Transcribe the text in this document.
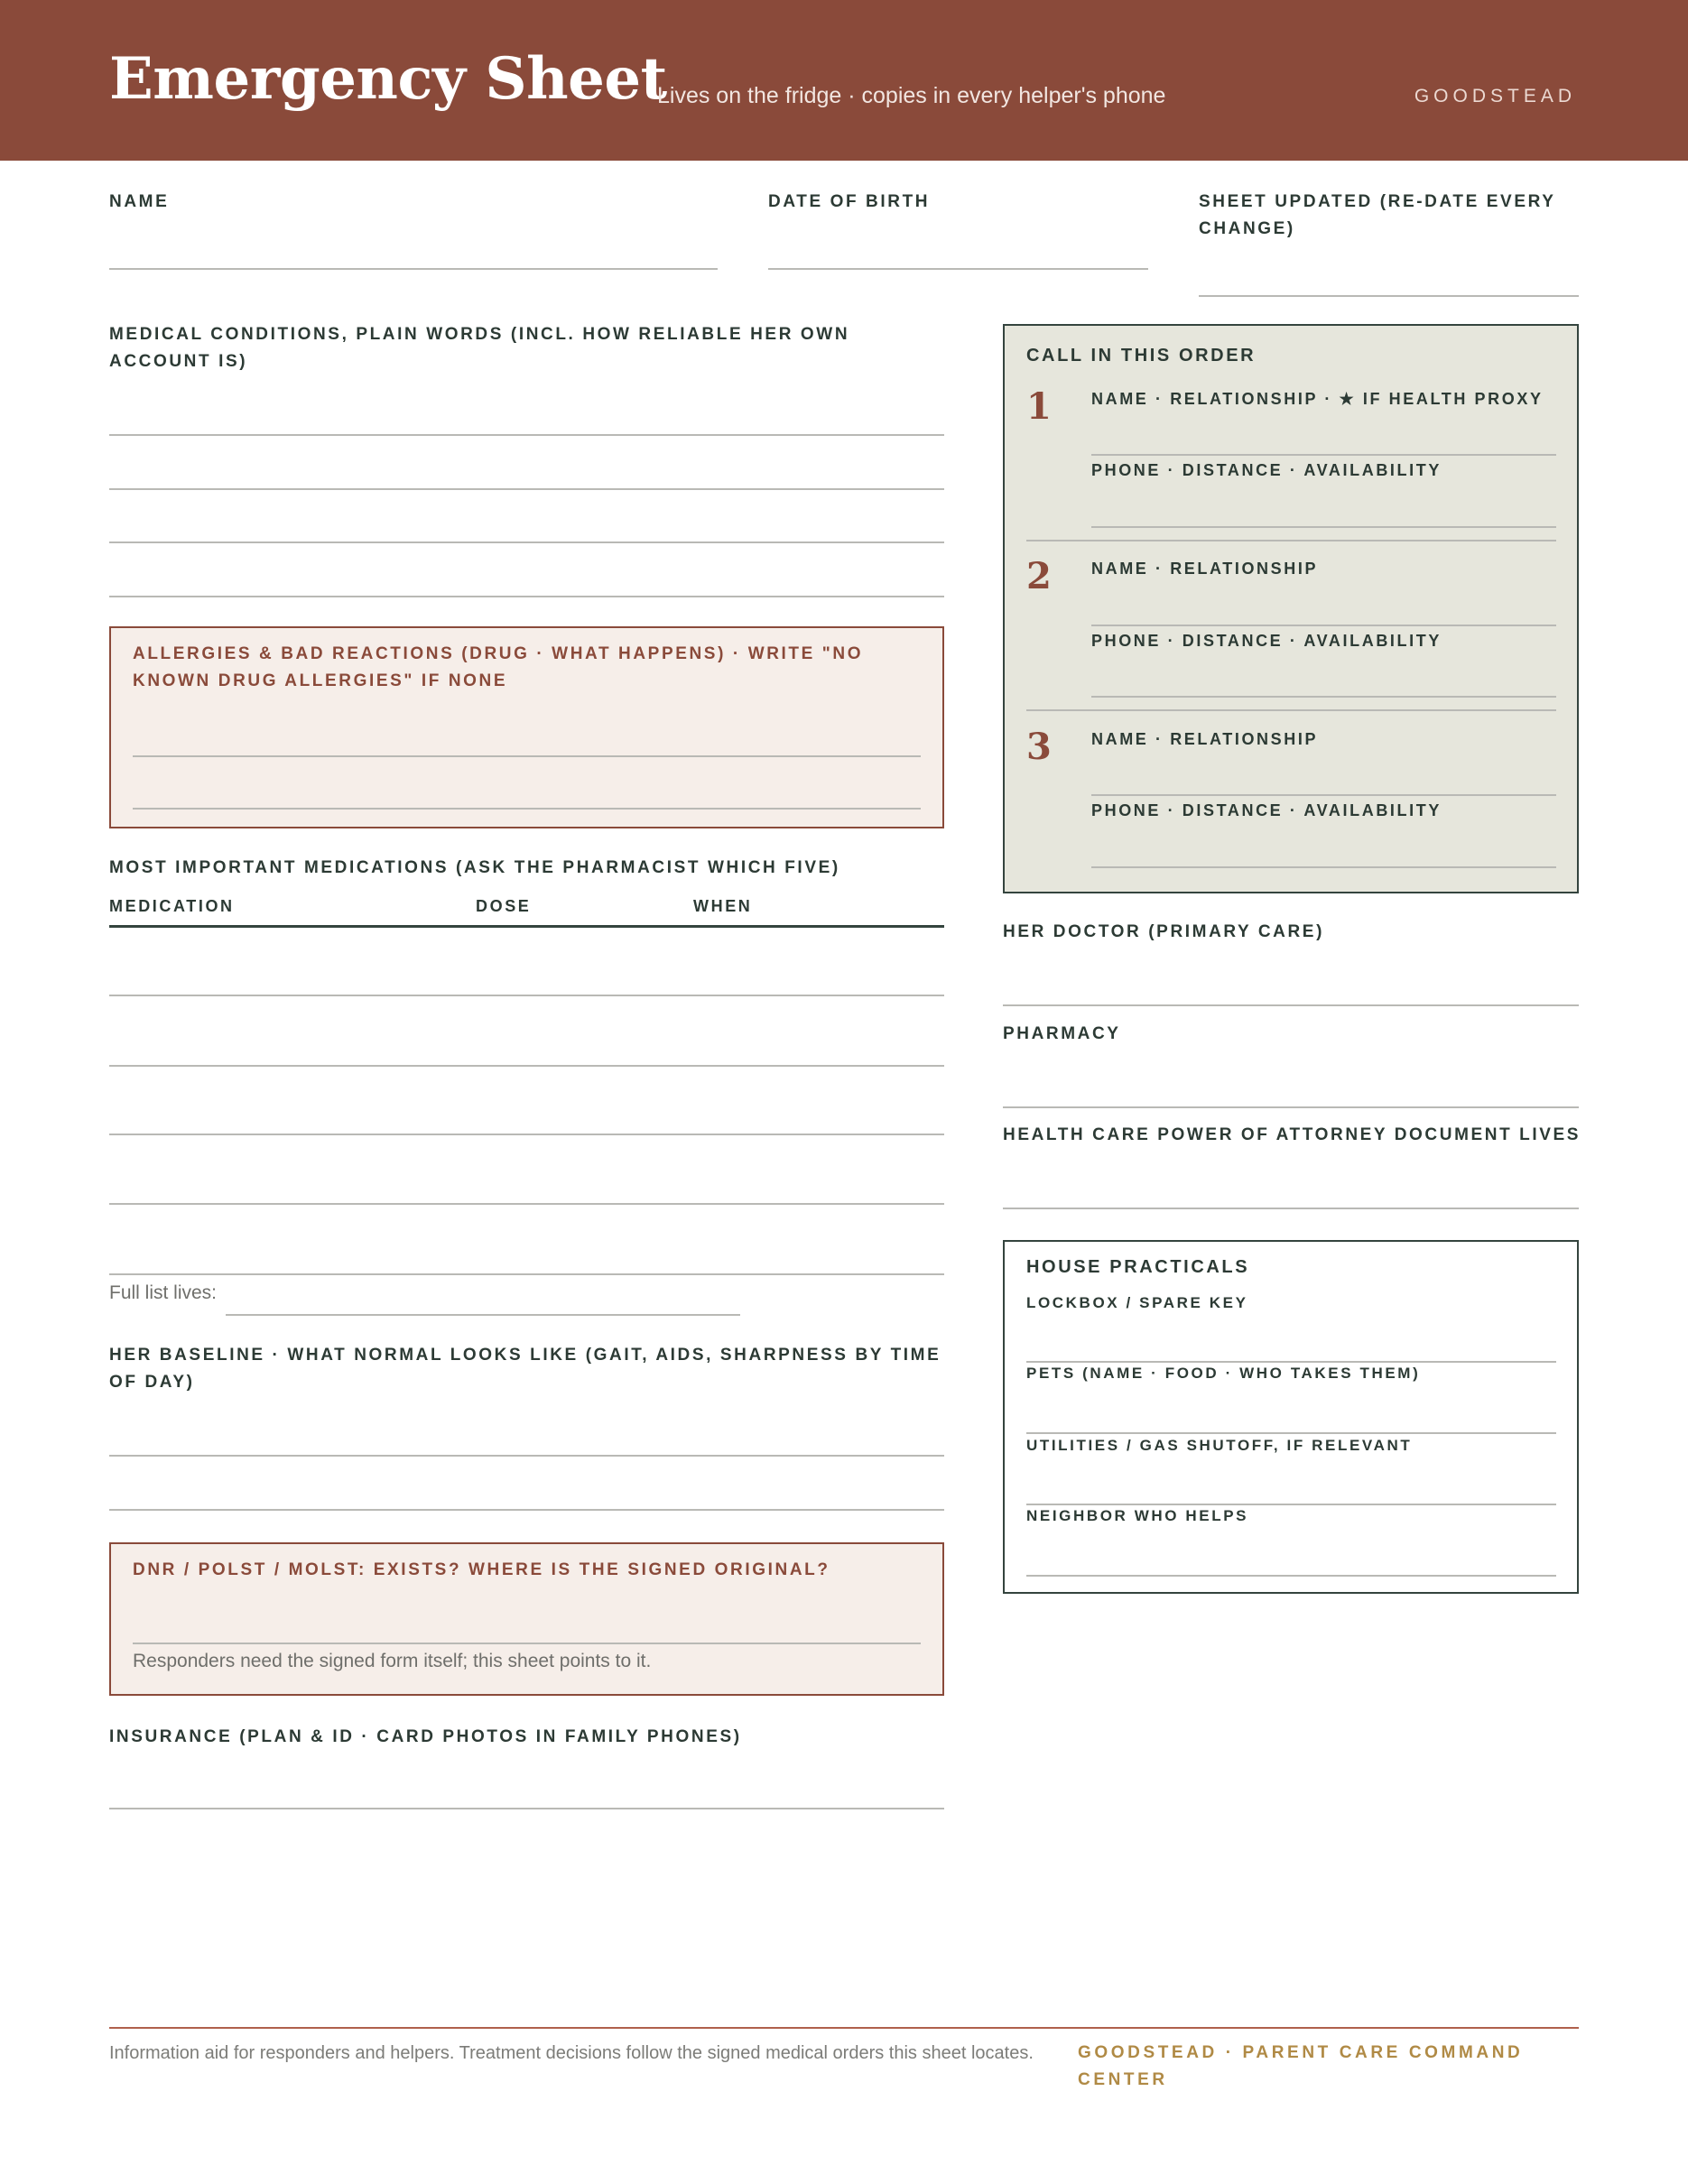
Emergency Sheet
Lives on the fridge · copies in every helper's phone	GOODSTEAD
NAME	DATE OF BIRTH	SHEET UPDATED (RE-DATE EVERY CHANGE)
MEDICAL CONDITIONS, PLAIN WORDS (INCL. HOW RELIABLE HER OWN ACCOUNT IS)
ALLERGIES & BAD REACTIONS (DRUG · WHAT HAPPENS) · WRITE "NO KNOWN DRUG ALLERGIES" IF NONE
MOST IMPORTANT MEDICATIONS (ASK THE PHARMACIST WHICH FIVE)
MEDICATION	DOSE	WHEN
Full list lives:
HER BASELINE · WHAT NORMAL LOOKS LIKE (GAIT, AIDS, SHARPNESS BY TIME OF DAY)
DNR / POLST / MOLST: EXISTS? WHERE IS THE SIGNED ORIGINAL?
Responders need the signed form itself; this sheet points to it.
INSURANCE (PLAN & ID · CARD PHOTOS IN FAMILY PHONES)
CALL IN THIS ORDER
1 NAME · RELATIONSHIP · ★ IF HEALTH PROXY
PHONE · DISTANCE · AVAILABILITY
2 NAME · RELATIONSHIP
PHONE · DISTANCE · AVAILABILITY
3 NAME · RELATIONSHIP
PHONE · DISTANCE · AVAILABILITY
HER DOCTOR (PRIMARY CARE)
PHARMACY
HEALTH CARE POWER OF ATTORNEY DOCUMENT LIVES
HOUSE PRACTICALS
LOCKBOX / SPARE KEY
PETS (NAME · FOOD · WHO TAKES THEM)
UTILITIES / GAS SHUTOFF, IF RELEVANT
NEIGHBOR WHO HELPS
Information aid for responders and helpers. Treatment decisions follow the signed medical orders this sheet locates.	GOODSTEAD · PARENT CARE COMMAND CENTER
